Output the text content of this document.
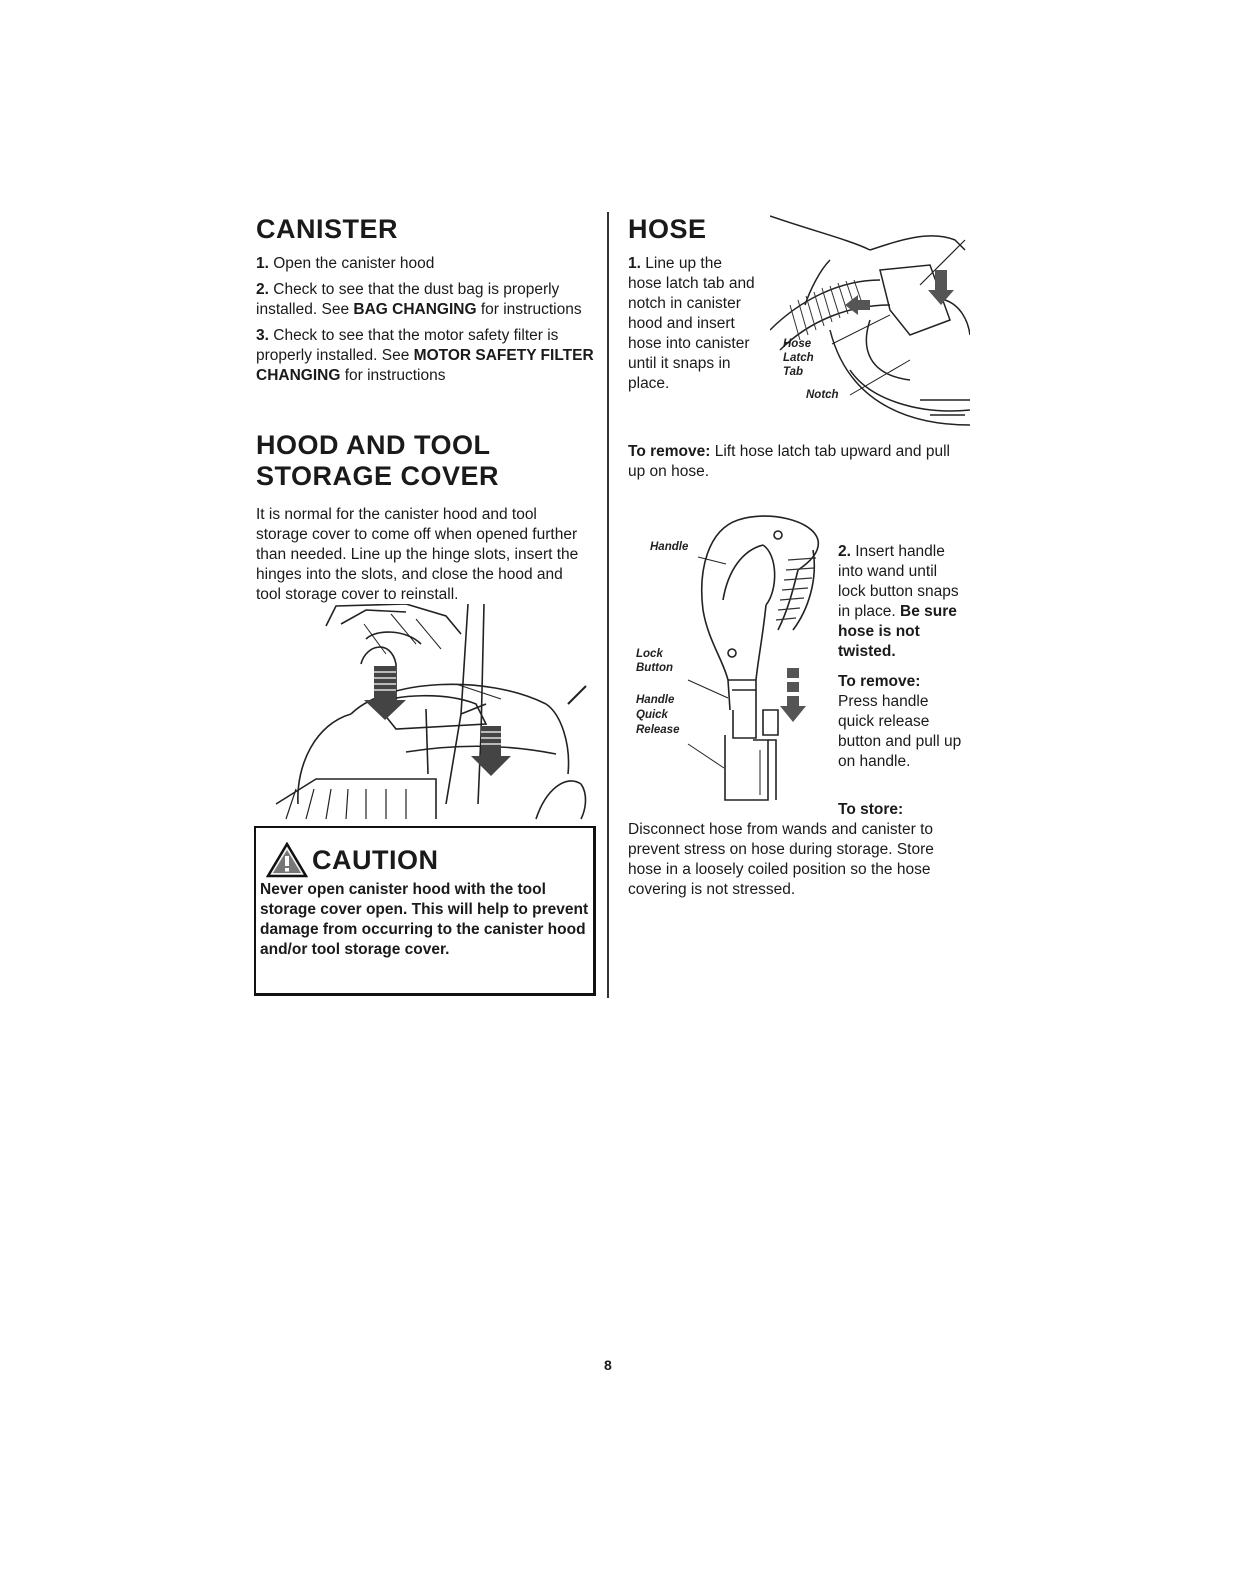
CANISTER

1. Open the canister hood

2. Check to see that the dust bag is properly installed. See BAG CHANGING for instructions

3. Check to see that the motor safety filter is properly installed. See MOTOR SAFETY FILTER CHANGING for instructions

HOOD AND TOOL
STORAGE COVER

It is normal for the canister hood and tool storage cover to come off when opened further than needed. Line up the hinge slots, insert the hinges into the slots, and close the hood and tool storage cover to reinstall.

CAUTION

Never open canister hood with the tool storage cover open. This will help to prevent damage from occurring to the canister hood and/or tool storage cover.

HOSE

1. Line up the hose latch tab and notch in canister hood and insert hose into canister until it snaps in place.

Hose
Latch
Tab
Notch

To remove: Lift hose latch tab upward and pull up on hose.

Handle
Lock
Button
Handle
Quick
Release

2. Insert handle into wand until lock button snaps in place. Be sure hose is not twisted.

To remove:
Press handle quick release button and pull up on handle.

To store:

Disconnect hose from wands and canister to prevent stress on hose during storage. Store hose in a loosely coiled position so the hose covering is not stressed.

8
